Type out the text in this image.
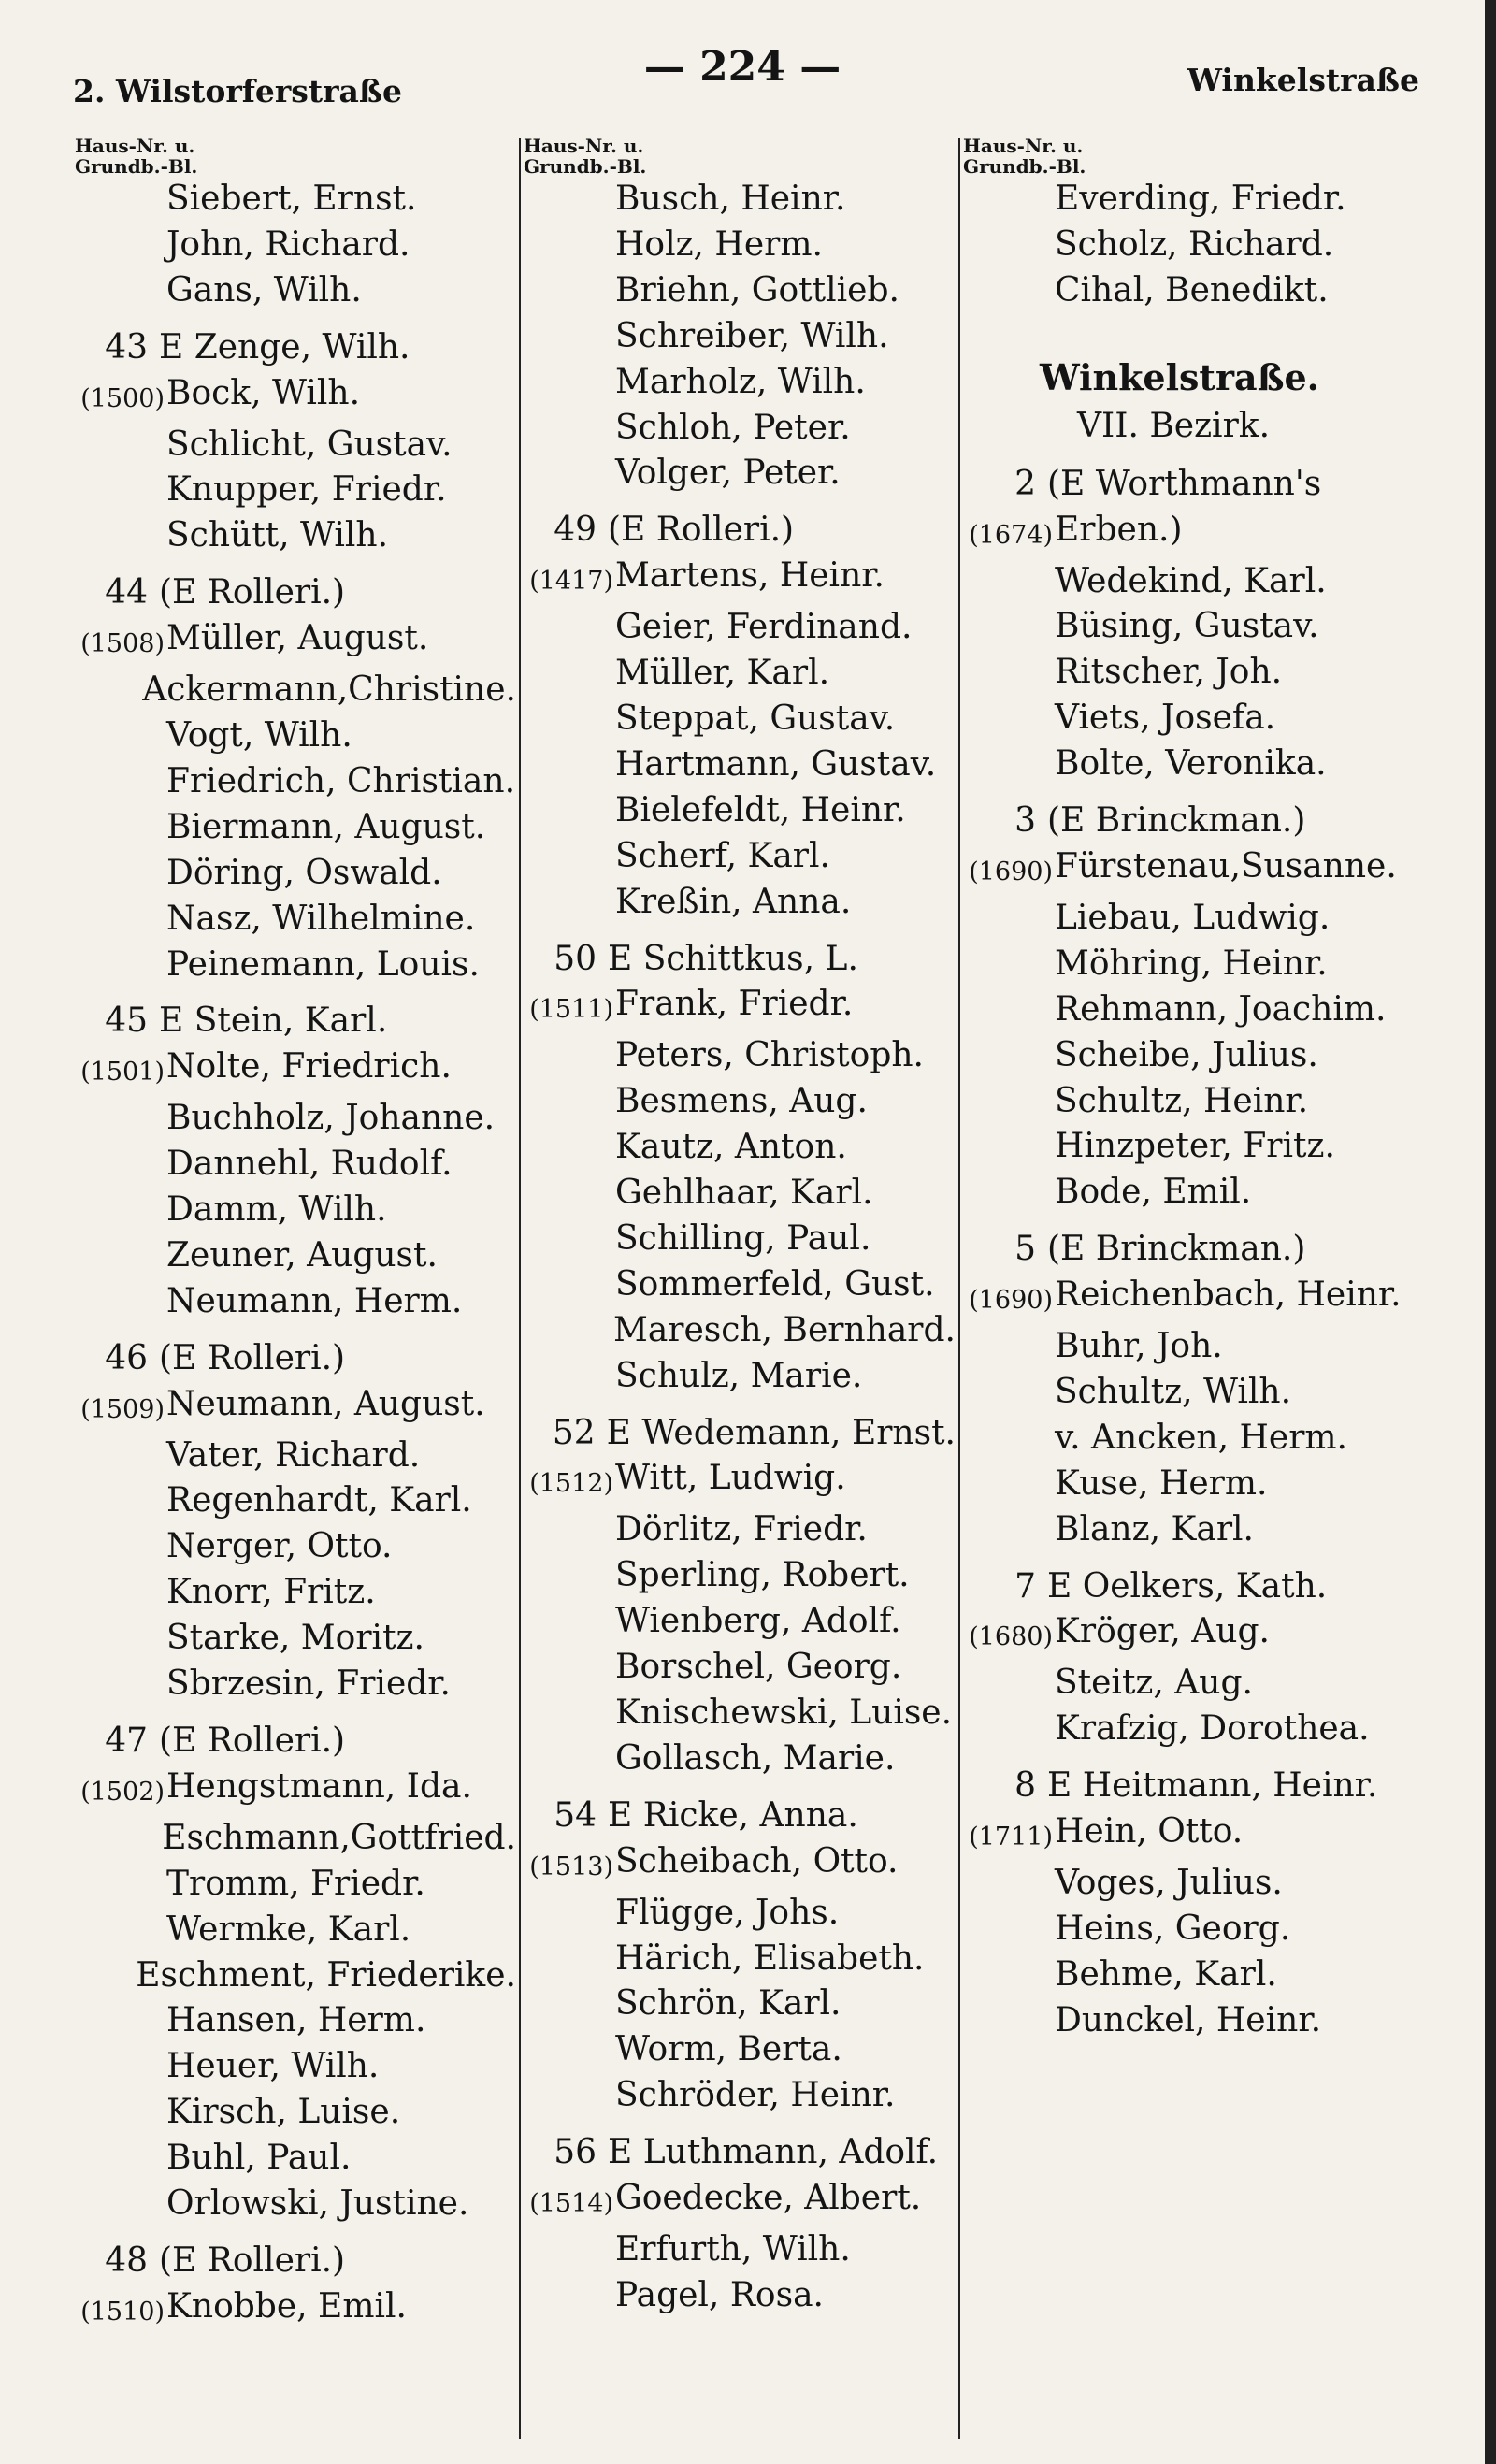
2. Wilstorferstraße
— 224 —	Winkelstraße
Haus-Nr. u.
Grundb.-Bl.
Siebert, Ernst.
John, Richard.
Gans, Wilh.
43 E Zenge, Wilh.
(1500) Bock, Wilh.
Schlicht, Gustav.
Knupper, Friedr.
Schütt, Wilh.
44 (E Rolleri.)
(1508) Müller, August.
Ackermann,Christine.
Vogt, Wilh.
Friedrich, Christian.
Biermann, August.
Döring, Oswald.
Nasz, Wilhelmine.
Peinemann, Louis.
45 E Stein, Karl.
(1501) Nolte, Friedrich.
Buchholz, Johanne.
Dannehl, Rudolf.
Damm, Wilh.
Zeuner, August.
Neumann, Herm.
46 (E Rolleri.)
(1509) Neumann, August.
Vater, Richard.
Regenhardt, Karl.
Nerger, Otto.
Knorr, Fritz.
Starke, Moritz.
Sbrzesin, Friedr.
47 (E Rolleri.)
(1502) Hengstmann, Ida.
Eschmann,Gottfried.
Tromm, Friedr.
Wermke, Karl.
Eschment, Friederike.
Hansen, Herm.
Heuer, Wilh.
Kirsch, Luise.
Buhl, Paul.
Orlowski, Justine.
48 (E Rolleri.)
(1510) Knobbe, Emil.
Haus-Nr. u.
Grundb.-Bl.
Busch, Heinr.
Holz, Herm.
Briehn, Gottlieb.
Schreiber, Wilh.
Marholz, Wilh.
Schloh, Peter.
Volger, Peter.
49 (E Rolleri.)
(1417) Martens, Heinr.
Geier, Ferdinand.
Müller, Karl.
Steppat, Gustav.
Hartmann, Gustav.
Bielefeldt, Heinr.
Scherf, Karl.
Kreßin, Anna.
50 E Schittkus, L.
(1511) Frank, Friedr.
Peters, Christoph.
Besmens, Aug.
Kautz, Anton.
Gehlhaar, Karl.
Schilling, Paul.
Sommerfeld, Gust.
Maresch, Bernhard.
Schulz, Marie.
52 E Wedemann, Ernst.
(1512) Witt, Ludwig.
Dörlitz, Friedr.
Sperling, Robert.
Wienberg, Adolf.
Borschel, Georg.
Knischewski, Luise.
Gollasch, Marie.
54 E Ricke, Anna.
(1513) Scheibach, Otto.
Flügge, Johs.
Härich, Elisabeth.
Schrön, Karl.
Worm, Berta.
Schröder, Heinr.
56 E Luthmann, Adolf.
(1514) Goedecke, Albert.
Erfurth, Wilh.
Pagel, Rosa.
Haus-Nr. u.
Grundb.-Bl.
Everding, Friedr.
Scholz, Richard.
Cihal, Benedikt.
Winkelstraße.
VII. Bezirk.
2 (E Worthmann's
(1674) Erben.)
Wedekind, Karl.
Büsing, Gustav.
Ritscher, Joh.
Viets, Josefa.
Bolte, Veronika.
3 (E Brinckman.)
(1690) Fürstenau,Susanne.
Liebau, Ludwig.
Möhring, Heinr.
Rehmann, Joachim.
Scheibe, Julius.
Schultz, Heinr.
Hinzpeter, Fritz.
Bode, Emil.
5 (E Brinckman.)
(1690) Reichenbach, Heinr.
Buhr, Joh.
Schultz, Wilh.
v. Ancken, Herm.
Kuse, Herm.
Blanz, Karl.
7 E Oelkers, Kath.
(1680) Kröger, Aug.
Steitz, Aug.
Krafzig, Dorothea.
8 E Heitmann, Heinr.
(1711) Hein, Otto.
Voges, Julius.
Heins, Georg.
Behme, Karl.
Dunckel, Heinr.
